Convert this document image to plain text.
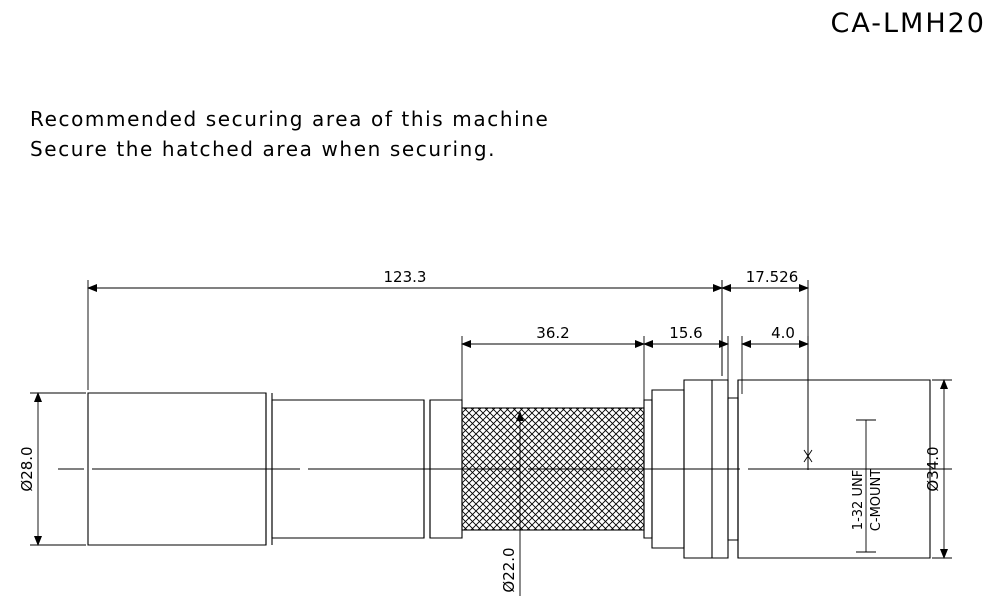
CA-LMH20
Recommended securing area of this machine
Secure the hatched area when securing.
123.3	17.526
36.2	15.6	4.0
Ø28.0	Ø34.0
Ø22.0
1-32 UNF C-MOUNT
